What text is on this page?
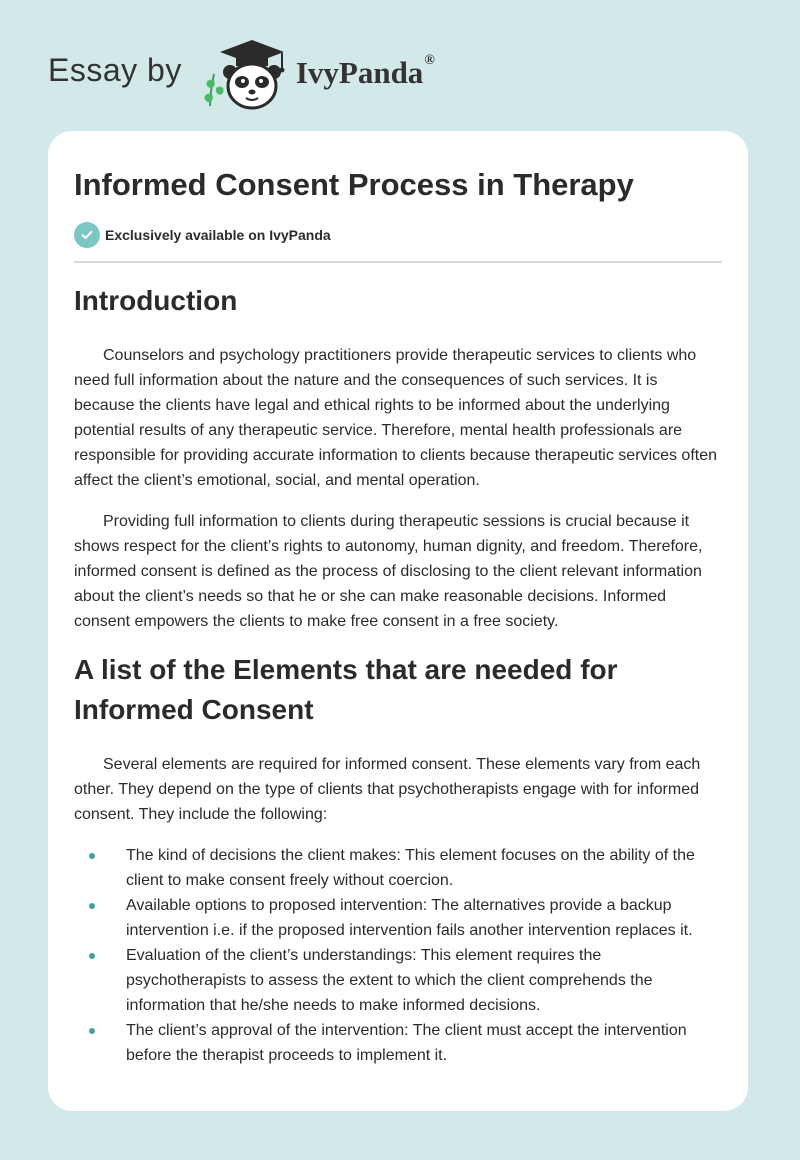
Essay by	IvyPanda®
Informed Consent Process in Therapy
Exclusively available on IvyPanda
Introduction

Counselors and psychology practitioners provide therapeutic services to clients who need full information about the nature and the consequences of such services. It is because the clients have legal and ethical rights to be informed about the underlying potential results of any therapeutic service. Therefore, mental health professionals are responsible for providing accurate information to clients because therapeutic services often affect the client’s emotional, social, and mental operation.

Providing full information to clients during therapeutic sessions is crucial because it shows respect for the client’s rights to autonomy, human dignity, and freedom. Therefore, informed consent is defined as the process of disclosing to the client relevant information about the client’s needs so that he or she can make reasonable decisions. Informed consent empowers the clients to make free consent in a free society.

A list of the Elements that are needed for Informed Consent

Several elements are required for informed consent. These elements vary from each other. They depend on the type of clients that psychotherapists engage with for informed consent. They include the following:

The kind of decisions the client makes: This element focuses on the ability of the client to make consent freely without coercion.
Available options to proposed intervention: The alternatives provide a backup intervention i.e. if the proposed intervention fails another intervention replaces it.
Evaluation of the client’s understandings: This element requires the psychotherapists to assess the extent to which the client comprehends the information that he/she needs to make informed decisions.
The client’s approval of the intervention: The client must accept the intervention before the therapist proceeds to implement it.
